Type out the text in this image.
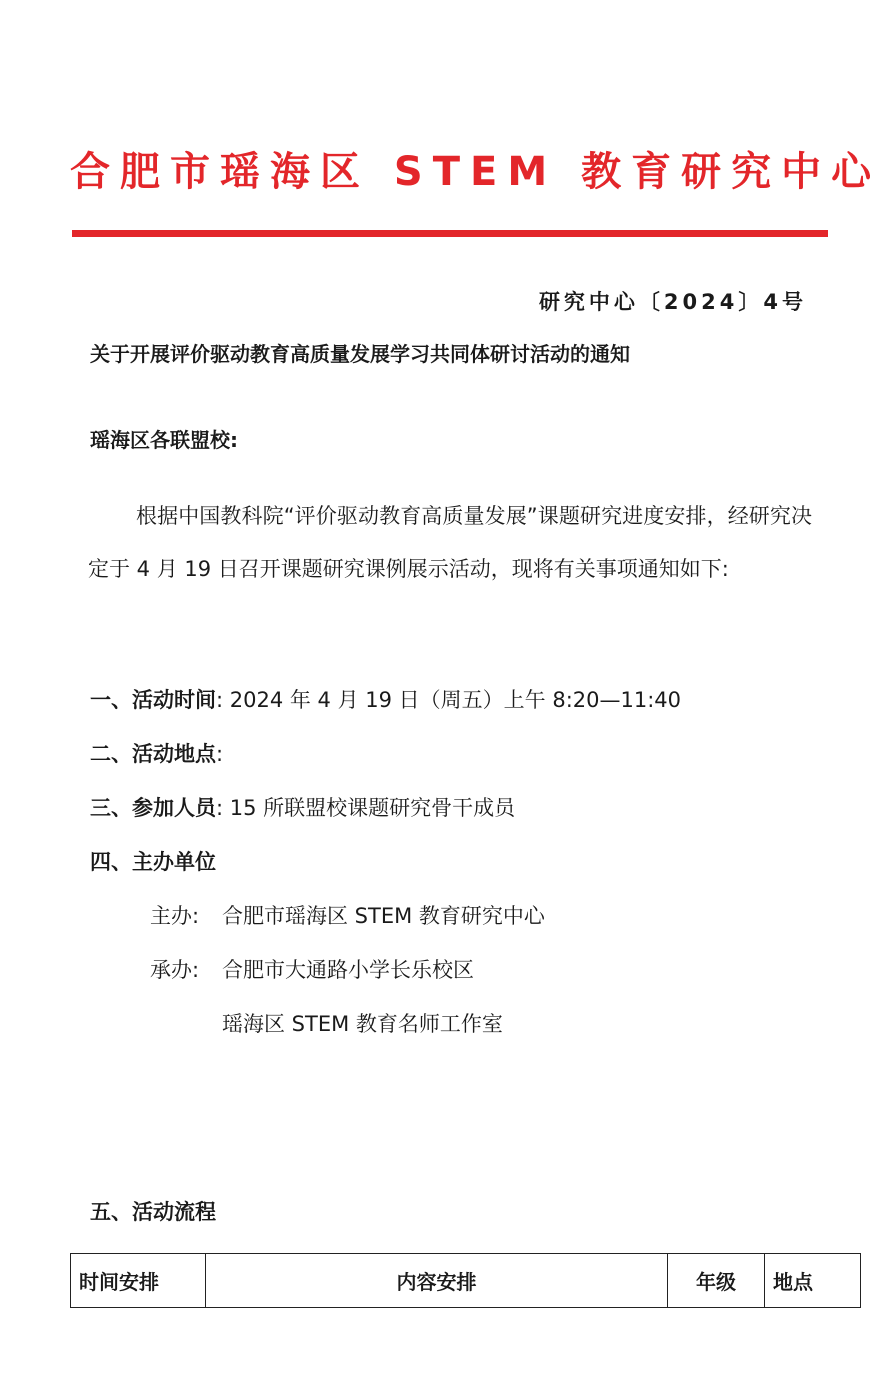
合肥市瑶海区 STEM 教育研究中心
研究中心〔2024〕4号
关于开展评价驱动教育高质量发展学习共同体研讨活动的通知
瑶海区各联盟校:
根据中国教科院“评价驱动教育高质量发展”课题研究进度安排，经研究决定于 4 月 19 日召开课题研究课例展示活动，现将有关事项通知如下:
一、活动时间: 2024 年 4 月 19 日（周五）上午 8:20—11:40
二、活动地点:
三、参加人员: 15 所联盟校课题研究骨干成员
四、主办单位
主办: 合肥市瑶海区 STEM 教育研究中心
承办: 合肥市大通路小学长乐校区
瑶海区 STEM 教育名师工作室
五、活动流程
时间安排	内容安排	年级	地点
